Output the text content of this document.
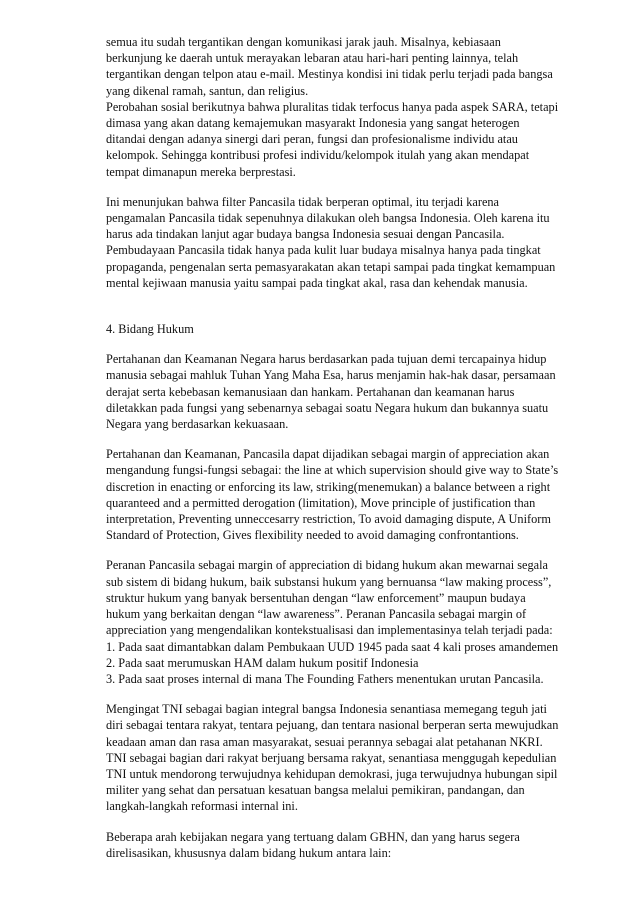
semua itu sudah tergantikan dengan komunikasi jarak jauh. Misalnya, kebiasaan
berkunjung ke daerah untuk merayakan lebaran atau hari-hari penting lainnya, telah
tergantikan dengan telpon atau e-mail. Mestinya kondisi ini tidak perlu terjadi pada bangsa
yang dikenal ramah, santun, dan religius.
Perobahan sosial berikutnya bahwa pluralitas tidak terfocus hanya pada aspek SARA, tetapi
dimasa yang akan datang kemajemukan masyarakt Indonesia yang sangat heterogen
ditandai dengan adanya sinergi dari peran, fungsi dan profesionalisme individu atau
kelompok. Sehingga kontribusi profesi individu/kelompok itulah yang akan mendapat
tempat dimanapun mereka berprestasi.

Ini menunjukan bahwa filter Pancasila tidak berperan optimal, itu terjadi karena
pengamalan Pancasila tidak sepenuhnya dilakukan oleh bangsa Indonesia. Oleh karena itu
harus ada tindakan lanjut agar budaya bangsa Indonesia sesuai dengan Pancasila.
Pembudayaan Pancasila tidak hanya pada kulit luar budaya misalnya hanya pada tingkat
propaganda, pengenalan serta pemasyarakatan akan tetapi sampai pada tingkat kemampuan
mental kejiwaan manusia yaitu sampai pada tingkat akal, rasa dan kehendak manusia.

4. Bidang Hukum

Pertahanan dan Keamanan Negara harus berdasarkan pada tujuan demi tercapainya hidup
manusia sebagai mahluk Tuhan Yang Maha Esa, harus menjamin hak-hak dasar, persamaan
derajat serta kebebasan kemanusiaan dan hankam. Pertahanan dan keamanan harus
diletakkan pada fungsi yang sebenarnya sebagai soatu Negara hukum dan bukannya suatu
Negara yang berdasarkan kekuasaan.

Pertahanan dan Keamanan, Pancasila dapat dijadikan sebagai margin of appreciation akan
mengandung fungsi-fungsi sebagai: the line at which supervision should give way to State’s
discretion in enacting or enforcing its law, striking(menemukan) a balance between a right
quaranteed and a permitted derogation (limitation), Move principle of justification than
interpretation, Preventing unneccesarry restriction, To avoid damaging dispute, A Uniform
Standard of Protection, Gives flexibility needed to avoid damaging confrontantions.

Peranan Pancasila sebagai margin of appreciation di bidang hukum akan mewarnai segala
sub sistem di bidang hukum, baik substansi hukum yang bernuansa “law making process”,
struktur hukum yang banyak bersentuhan dengan “law enforcement” maupun budaya
hukum yang berkaitan dengan “law awareness”. Peranan Pancasila sebagai margin of
appreciation yang mengendalikan kontekstualisasi dan implementasinya telah terjadi pada:
1. Pada saat dimantabkan dalam Pembukaan UUD 1945 pada saat 4 kali proses amandemen
2. Pada saat merumuskan HAM dalam hukum positif Indonesia
3. Pada saat proses internal di mana The Founding Fathers menentukan urutan Pancasila.

Mengingat TNI sebagai bagian integral bangsa Indonesia senantiasa memegang teguh jati
diri sebagai tentara rakyat, tentara pejuang, dan tentara nasional berperan serta mewujudkan
keadaan aman dan rasa aman masyarakat, sesuai perannya sebagai alat petahanan NKRI.
TNI sebagai bagian dari rakyat berjuang bersama rakyat, senantiasa menggugah kepedulian
TNI untuk mendorong terwujudnya kehidupan demokrasi, juga terwujudnya hubungan sipil
militer yang sehat dan persatuan kesatuan bangsa melalui pemikiran, pandangan, dan
langkah-langkah reformasi internal ini.

Beberapa arah kebijakan negara yang tertuang dalam GBHN, dan yang harus segera
direlisasikan, khususnya dalam bidang hukum antara lain:
